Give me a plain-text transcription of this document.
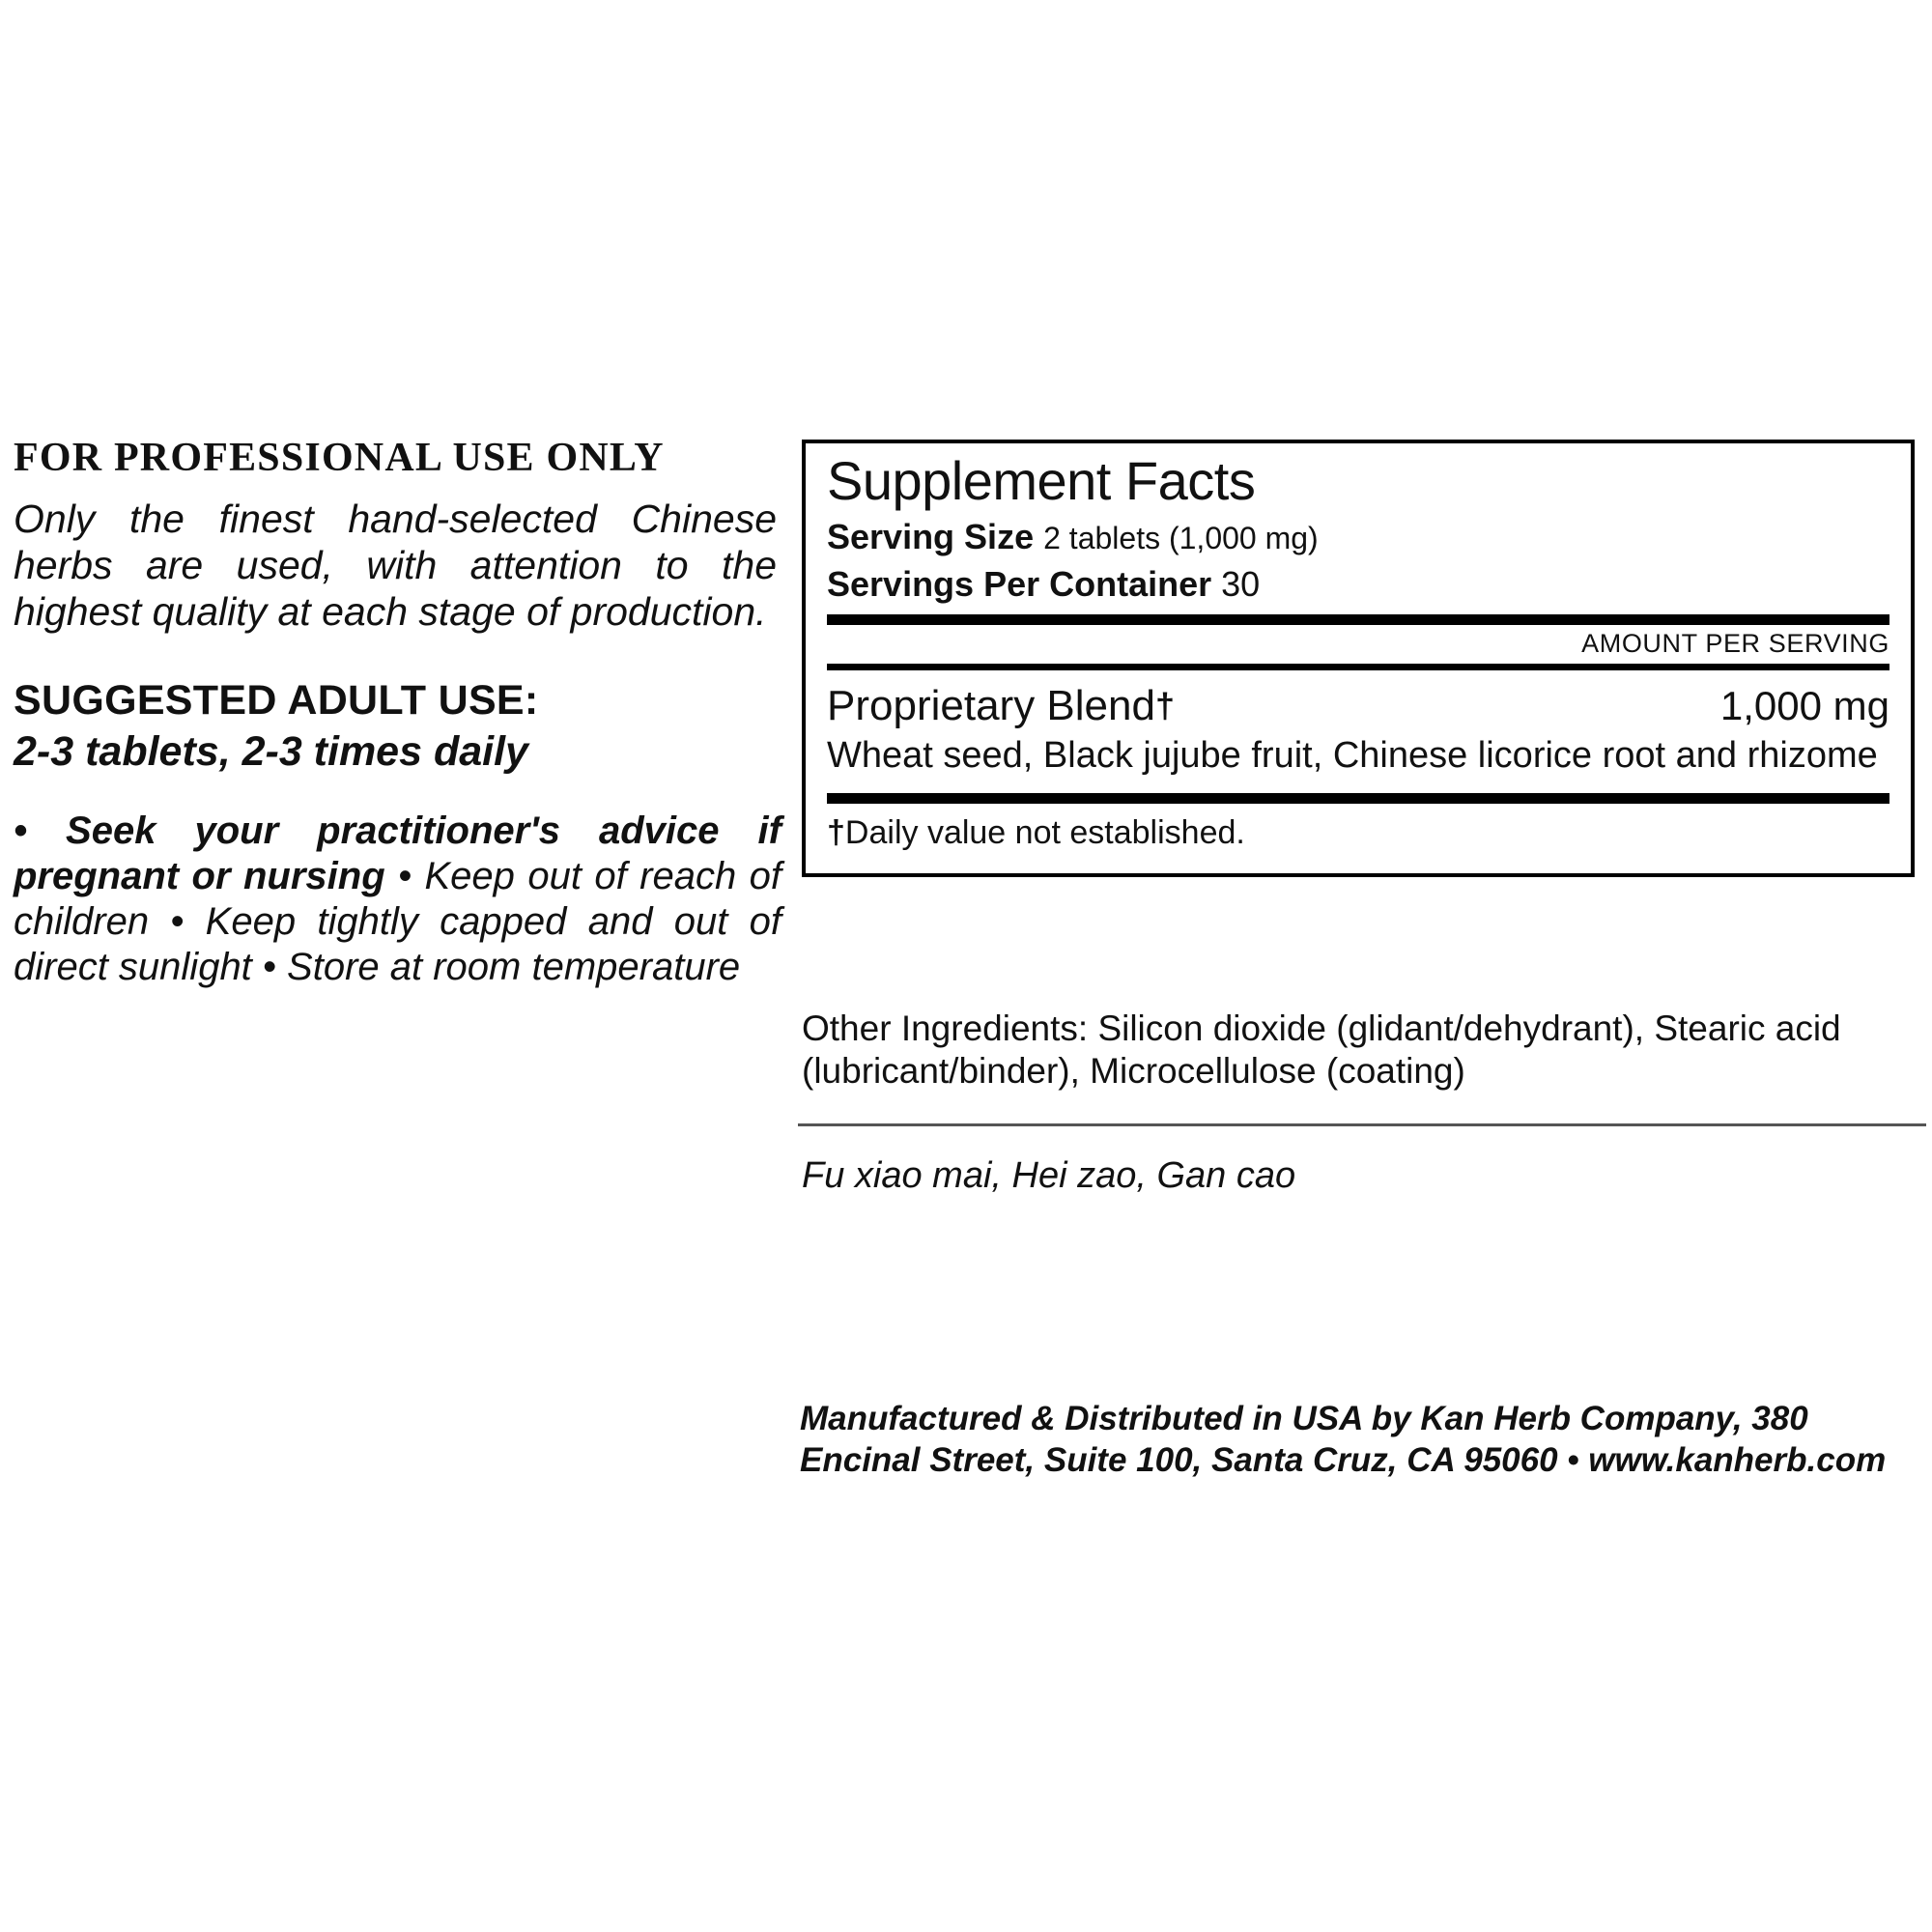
FOR PROFESSIONAL USE ONLY
Only the finest hand-selected Chinese herbs are used, with attention to the highest quality at each stage of production.
SUGGESTED ADULT USE:
2-3 tablets, 2-3 times daily
• Seek your practitioner's advice if pregnant or nursing • Keep out of reach of children • Keep tightly capped and out of direct sunlight • Store at room temperature
Supplement Facts
Serving Size 2 tablets (1,000 mg)
Servings Per Container 30
AMOUNT PER SERVING
Proprietary Blend†	1,000 mg
Wheat seed, Black jujube fruit, Chinese licorice root and rhizome
†Daily value not established.
Other Ingredients: Silicon dioxide (glidant/dehydrant), Stearic acid (lubricant/binder), Microcellulose (coating)
Fu xiao mai, Hei zao, Gan cao
Manufactured & Distributed in USA by Kan Herb Company, 380 Encinal Street, Suite 100, Santa Cruz, CA 95060 • www.kanherb.com
